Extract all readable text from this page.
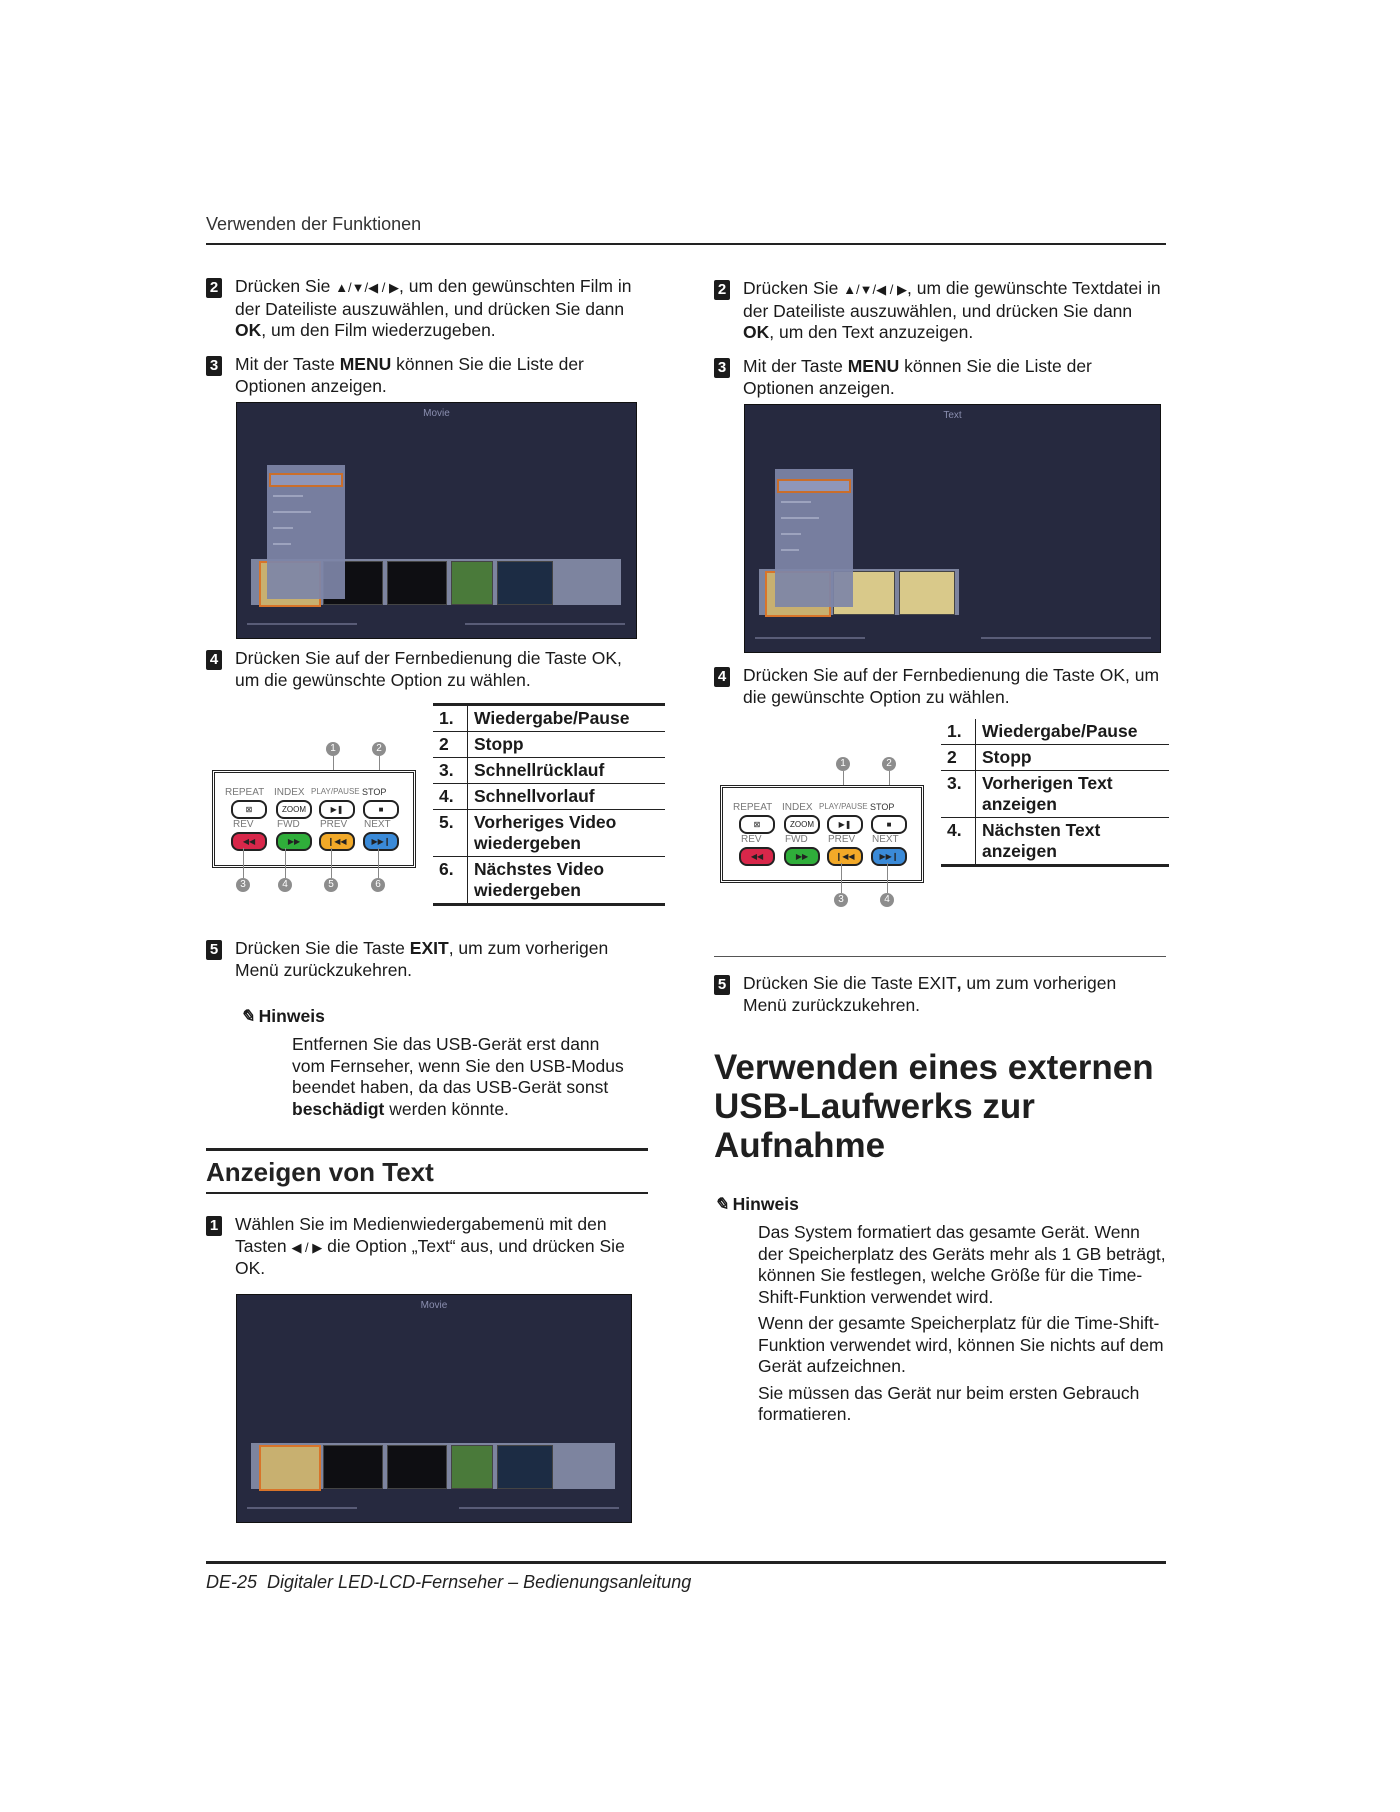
Verwenden der Funktionen
2 Drücken Sie ▲/▼/◀ / ▶, um den gewünschten Film in der Dateiliste auszuwählen, und drücken Sie dann OK, um den Film wiederzugeben.
3 Mit der Taste MENU können Sie die Liste der Optionen anzeigen.
Movie
4 Drücken Sie auf der Fernbedienung die Taste OK, um die gewünschte Option zu wählen.
1	2
REPEAT INDEX PLAY/PAUSE STOP
⊠	ZOOM	▶❚	■
REV FWD PREV NEXT
◀◀	▶▶	❙◀◀	▶▶❙
3	4	5	6
1.	Wiedergabe/Pause
2	Stopp
3.	Schnellrücklauf
4.	Schnellvorlauf
5.	Vorheriges Video wiedergeben
6.	Nächstes Video wiedergeben
5 Drücken Sie die Taste EXIT, um zum vorherigen Menü zurückzukehren.
✎ Hinweis
Entfernen Sie das USB-Gerät erst dann vom Fernseher, wenn Sie den USB-Modus beendet haben, da das USB-Gerät sonst beschädigt werden könnte.
Anzeigen von Text
1 Wählen Sie im Medienwiedergabemenü mit den Tasten ◀ / ▶ die Option „Text“ aus, und drücken Sie OK.
Movie
2 Drücken Sie ▲/▼/◀ / ▶, um die gewünschte Textdatei in der Dateiliste auszuwählen, und drücken Sie dann OK, um den Text anzuzeigen.
3 Mit der Taste MENU können Sie die Liste der Optionen anzeigen.
Text
4 Drücken Sie auf der Fernbedienung die Taste OK, um die gewünschte Option zu wählen.
1	2
REPEAT INDEX PLAY/PAUSE STOP
⊠	ZOOM	▶❚	■
REV FWD PREV NEXT
◀◀	▶▶	❙◀◀	▶▶❙
3	4
1.	Wiedergabe/Pause
2	Stopp
3.	Vorherigen Text anzeigen
4.	Nächsten Text anzeigen
5 Drücken Sie die Taste EXIT, um zum vorherigen Menü zurückzukehren.
Verwenden eines externen USB-Laufwerks zur Aufnahme
✎ Hinweis

Das System formatiert das gesamte Gerät. Wenn der Speicherplatz des Geräts mehr als 1 GB beträgt, können Sie festlegen, welche Größe für die Time-Shift-Funktion verwendet wird.

Wenn der gesamte Speicherplatz für die Time-Shift-Funktion verwendet wird, können Sie nichts auf dem Gerät aufzeichnen.

Sie müssen das Gerät nur beim ersten Gebrauch formatieren.

DE-25 Digitaler LED-LCD-Fernseher – Bedienungsanleitung
